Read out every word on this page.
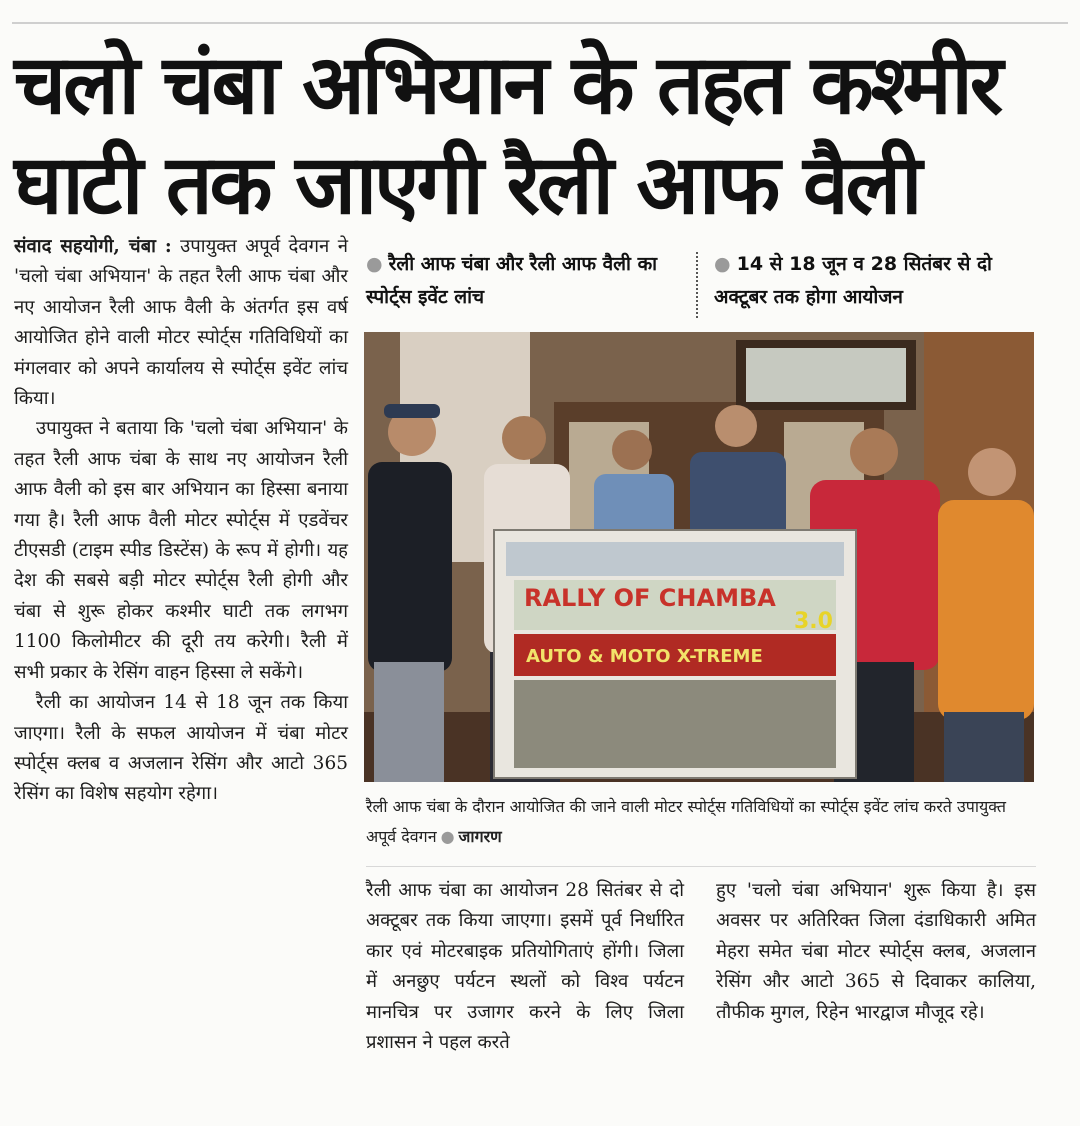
चलो चंबा अभियान के तहत कश्मीर
घाटी तक जाएगी रैली आफ वैली

संवाद सहयोगी, चंबा : उपायुक्त अपूर्व देवगन ने 'चलो चंबा अभियान' के तहत रैली आफ चंबा और नए आयोजन रैली आफ वैली के अंतर्गत इस वर्ष आयोजित होने वाली मोटर स्पोर्ट्स गतिविधियों का मंगलवार को अपने कार्यालय से स्पोर्ट्स इवेंट लांच किया।

उपायुक्त ने बताया कि 'चलो चंबा अभियान' के तहत रैली आफ चंबा के साथ नए आयोजन रैली आफ वैली को इस बार अभियान का हिस्सा बनाया गया है। रैली आफ वैली मोटर स्पोर्ट्स में एडवेंचर टीएसडी (टाइम स्पीड डिस्टेंस) के रूप में होगी। यह देश की सबसे बड़ी मोटर स्पोर्ट्स रैली होगी और चंबा से शुरू होकर कश्मीर घाटी तक लगभग 1100 किलोमीटर की दूरी तय करेगी। रैली में सभी प्रकार के रेसिंग वाहन हिस्सा ले सकेंगे।

रैली का आयोजन 14 से 18 जून तक किया जाएगा। रैली के सफल आयोजन में चंबा मोटर स्पोर्ट्स क्लब व अजलान रेसिंग और आटो 365 रेसिंग का विशेष सहयोग रहेगा।

● रैली आफ चंबा और रैली आफ वैली का स्पोर्ट्स इवेंट लांच
● 14 से 18 जून व 28 सितंबर से दो अक्टूबर तक होगा आयोजन
RALLY OF CHAMBA
3.0
AUTO & MOTO X-TREME
रैली आफ चंबा के दौरान आयोजित की जाने वाली मोटर स्पोर्ट्स गतिविधियों का स्पोर्ट्स इवेंट लांच करते उपायुक्त अपूर्व देवगन ● जागरण

रैली आफ चंबा का आयोजन 28 सितंबर से दो अक्टूबर तक किया जाएगा। इसमें पूर्व निर्धारित कार एवं मोटरबाइक प्रतियोगिताएं होंगी। जिला में अनछुए पर्यटन स्थलों को विश्व पर्यटन मानचित्र पर उजागर करने के लिए जिला प्रशासन ने पहल करते

हुए 'चलो चंबा अभियान' शुरू किया है। इस अवसर पर अतिरिक्त जिला दंडाधिकारी अमित मेहरा समेत चंबा मोटर स्पोर्ट्स क्लब, अजलान रेसिंग और आटो 365 से दिवाकर कालिया, तौफीक मुगल, रिहेन भारद्वाज मौजूद रहे।
